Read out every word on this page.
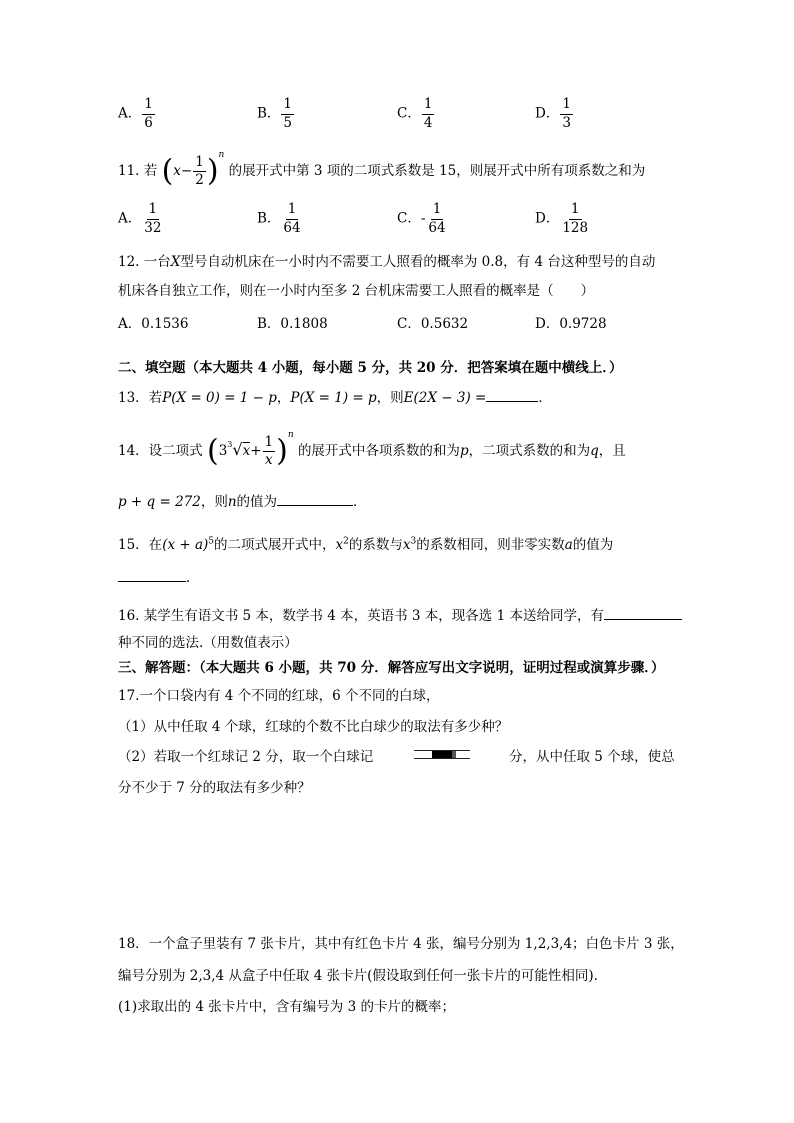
A． $\frac{1}{6}$	B． $\frac{1}{5}$	C． $\frac{1}{4}$	D． $\frac{1}{3}$
11. 若 $(x- \frac{1}{2} )^n$ 的展开式中第 3 项的二项式系数是 15，则展开式中所有项系数之和为
A． $\frac{1}{32}$	B． $\frac{1}{64}$	C．- $\frac{1}{64}$	D． $\frac{1}{128}$
12. 一台X型号自动机床在一小时内不需要工人照看的概率为 0.8，有 4 台这种型号的自动
机床各自独立工作，则在一小时内至多 2 台机床需要工人照看的概率是（　　）
A．0.1536	B．0.1808	C．0.5632	D．0.9728
二、填空题（本大题共 4 小题，每小题 5 分，共 20 分．把答案填在题中横线上．）
13．若P(X = 0) = 1 − p，P(X = 1) = p，则E(2X − 3) =	．
14．设二项式 $(3^3√x+ \frac{1}{x} )^n$ 的展开式中各项系数的和为p，二项式系数的和为q，且
p + q = 272，则n的值为	．
15．在$(x + a)^5$的二项式展开式中，$x^2$的系数与$x^3$的系数相同，则非零实数a的值为
．
16. 某学生有语文书 5 本，数学书 4 本，英语书 3 本，现各选 1 本送给同学，有
种不同的选法.（用数值表示）
三、解答题：（本大题共 6 小题，共 70 分．解答应写出文字说明，证明过程或演算步骤．）
17.一个口袋内有 4 个不同的红球，6 个不同的白球，
（1）从中任取 4 个球，红球的个数不比白球少的取法有多少种？
（2）若取一个红球记 2 分，取一个白球记	分，从中任取 5 个球，使总
分不少于 7 分的取法有多少种？
18．一个盒子里装有 7 张卡片，其中有红色卡片 4 张，编号分别为 1,2,3,4；白色卡片 3 张，
编号分别为 2,3,4 从盒子中任取 4 张卡片(假设取到任何一张卡片的可能性相同).
(1)求取出的 4 张卡片中，含有编号为 3 的卡片的概率；
